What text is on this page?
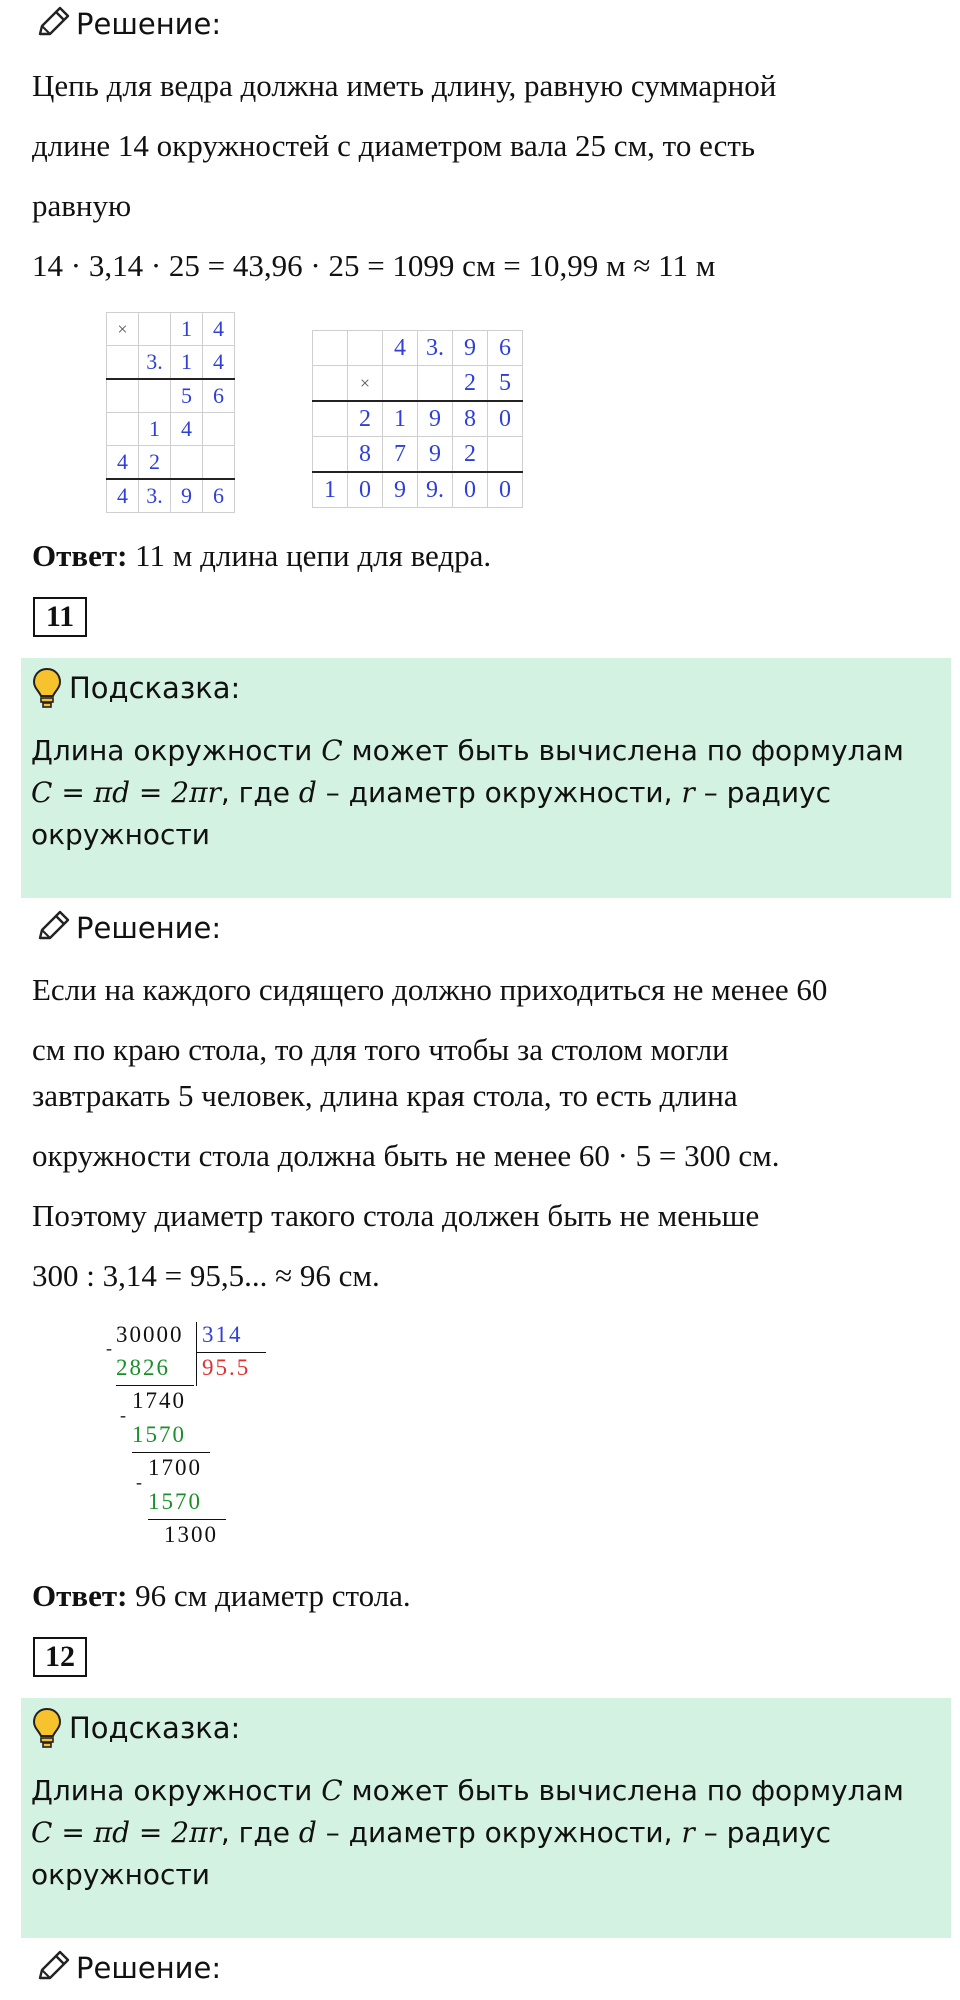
Решение:
Цепь для ведра должна иметь длину, равную суммарной
длине 14 окружностей с диаметром вала 25 см, то есть
равную
14 · 3,14 · 25 = 43,96 · 25 = 1099 см = 10,99 м ≈ 11 м
×		1	4
	3.	1	4
		5	6
	1	4	
4	2		
4	3.	9	6
		4	3.	9	6
	×			2	5
	2	1	9	8	0
	8	7	9	2	
1	0	9	9.	0	0
Ответ: 11 м длина цепи для ведра.
11
Подсказка:
Длина окружности C может быть вычислена по формулам
C = πd = 2πr, где d – диаметр окружности, r – радиус
окружности
Решение:
Если на каждого сидящего должно приходиться не менее 60
см по краю стола, то для того чтобы за столом могли
завтракать 5 человек, длина края стола, то есть длина
окружности стола должна быть не менее 60 · 5 = 300 см.
Поэтому диаметр такого стола должен быть не меньше
300 : 3,14 = 95,5... ≈ 96 см.
30000 314
95.5
-
2826
1740
-
1570
1700
-
1570
1300
Ответ: 96 см диаметр стола.
12
Подсказка:
Длина окружности C может быть вычислена по формулам
C = πd = 2πr, где d – диаметр окружности, r – радиус
окружности
Решение:
